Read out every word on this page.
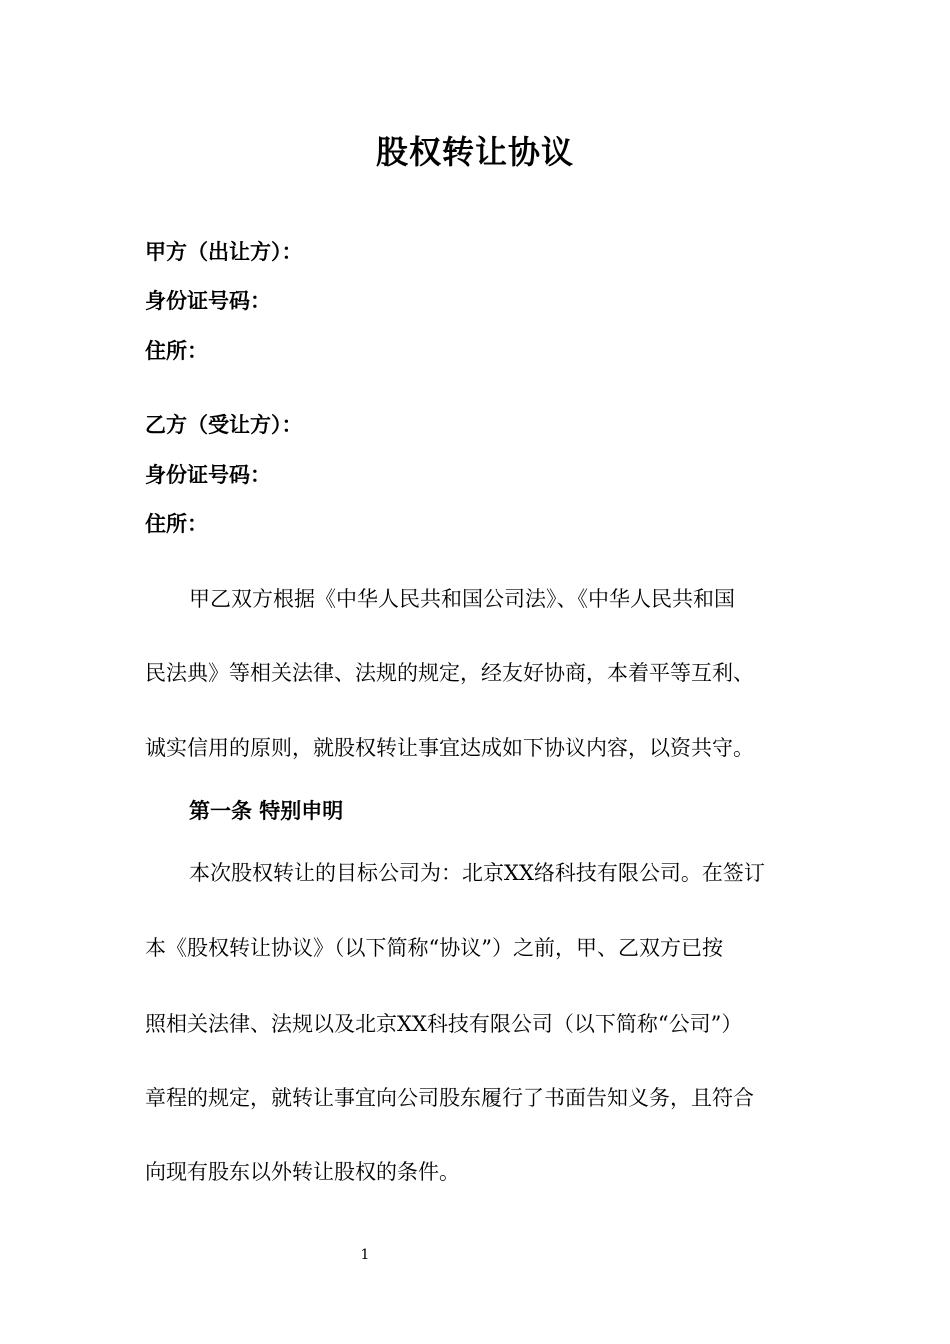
股权转让协议
甲方（出让方）：
身份证号码：
住所：
乙方（受让方）：
身份证号码：
住所：
甲乙双方根据《中华人民共和国公司法》、《中华人民共和国
民法典》等相关法律、法规的规定，经友好协商，本着平等互利、
诚实信用的原则，就股权转让事宜达成如下协议内容，以资共守。
第一条 特别申明
本次股权转让的目标公司为：北京XX络科技有限公司。在签订
本《股权转让协议》（以下简称“协议”）之前，甲、乙双方已按
照相关法律、法规以及北京XX科技有限公司（以下简称“公司”）
章程的规定，就转让事宜向公司股东履行了书面告知义务，且符合
向现有股东以外转让股权的条件。
1
